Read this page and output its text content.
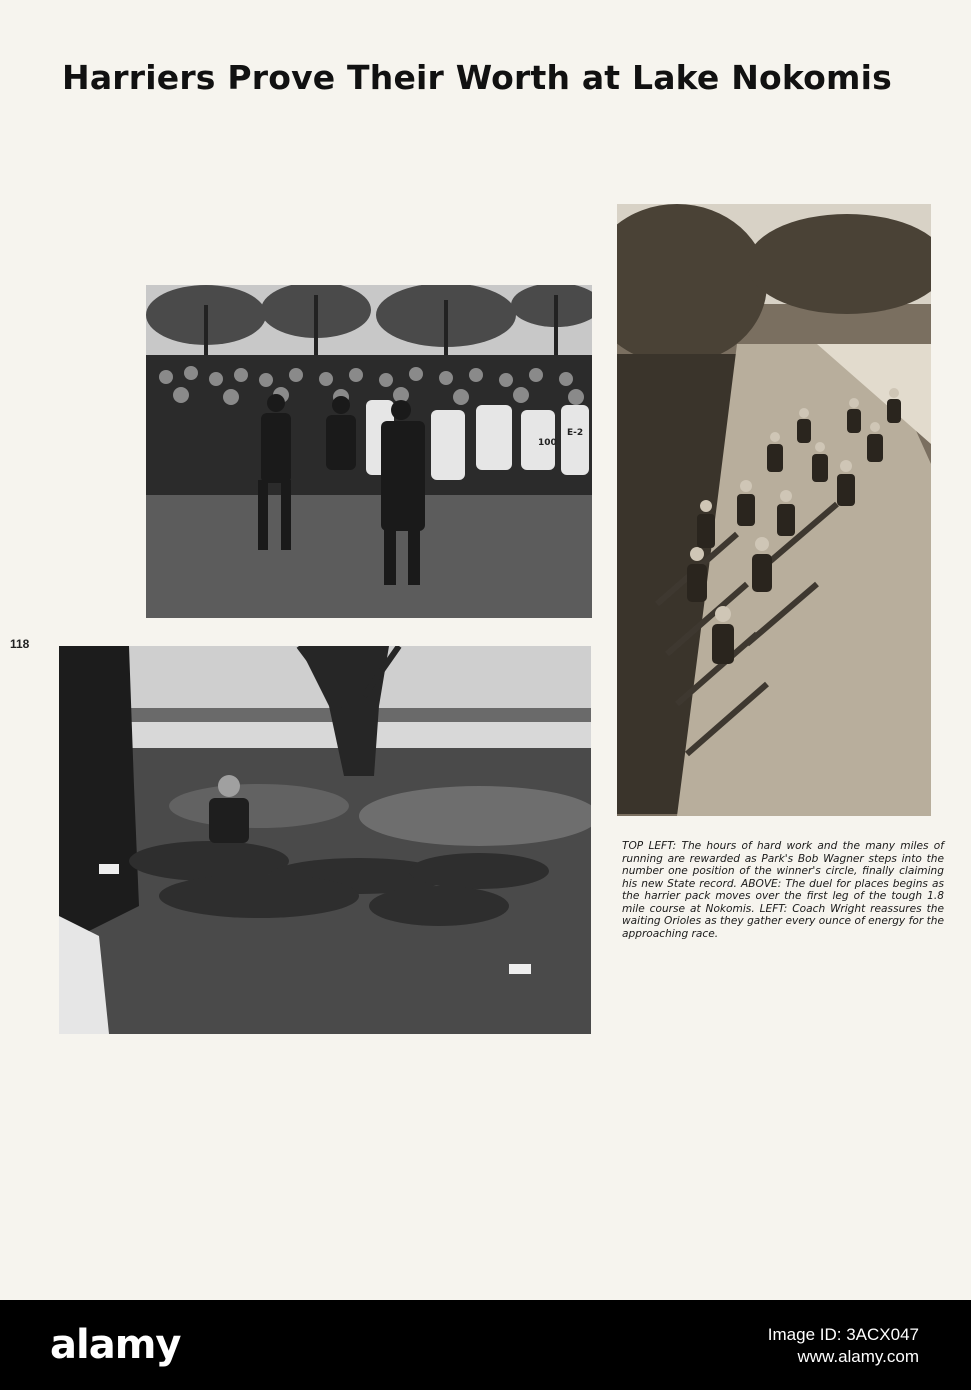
Harriers Prove Their Worth at Lake Nokomis
118
100
E-2

TOP LEFT: The hours of hard work and the many miles of running are rewarded as Park's Bob Wagner steps into the number one position of the winner's circle, finally claiming his new State record. ABOVE: The duel for places begins as the harrier pack moves over the first leg of the tough 1.8 mile course at Nokomis. LEFT: Coach Wright reassures the waiting Orioles as they gather every ounce of energy for the approaching race.

alamy	Image ID: 3ACX047
www.alamy.com
